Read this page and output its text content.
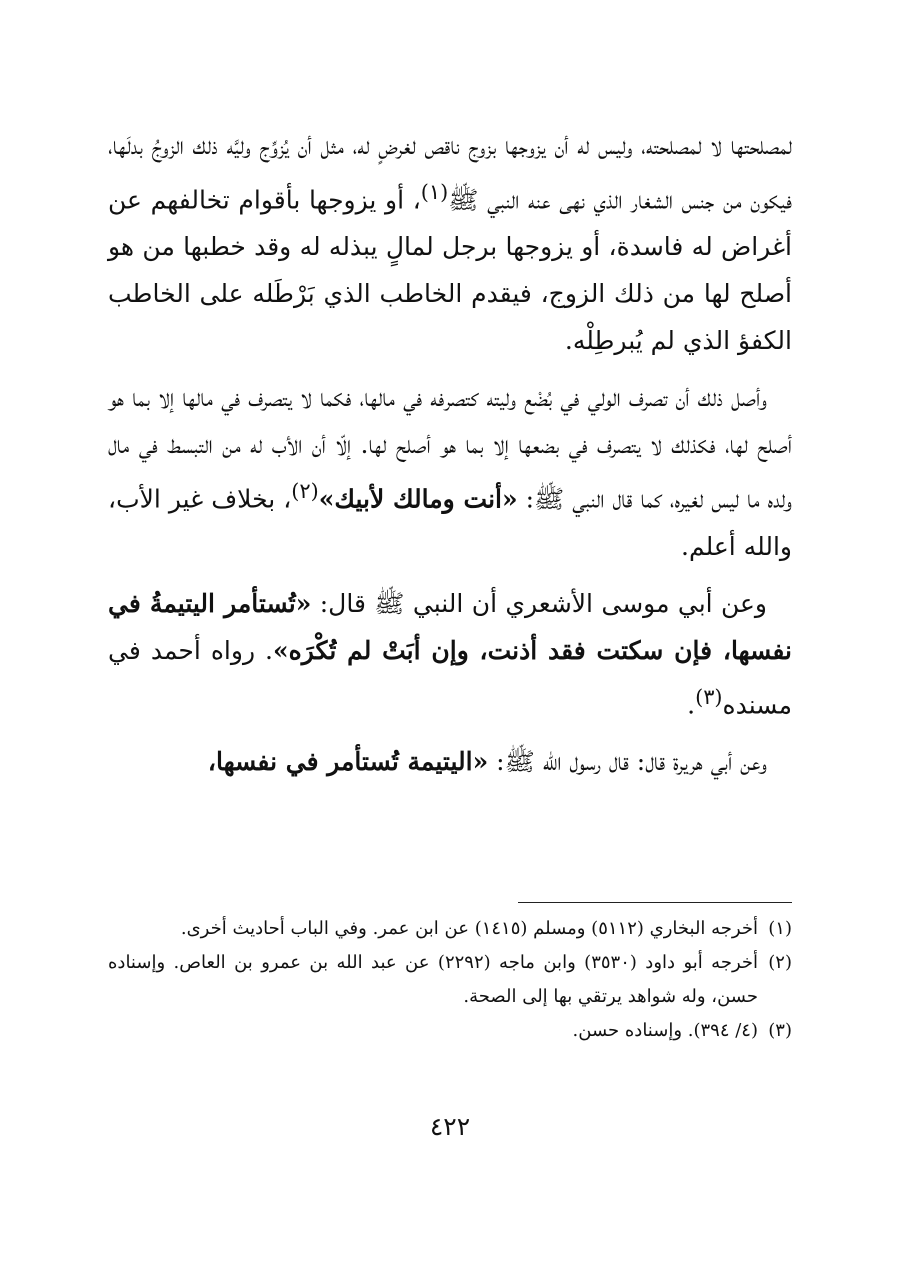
لمصلحتها لا لمصلحته، وليس له أن يزوجها بزوج ناقص لغرضٍ له، مثل أن يُزوِّج وليَّه ذلك الزوجُ بدلَها، فيكون من جنس الشغار الذي نهى عنه النبي ﷺ$^{(١)}$، أو يزوجها بأقوام تخالفهم عن أغراض له فاسدة، أو يزوجها برجل لمالٍ يبذله له وقد خطبها من هو أصلح لها من ذلك الزوج، فيقدم الخاطب الذي بَرْطَله على الخاطب الكفؤ الذي لم يُبرطِلْه.

وأصل ذلك أن تصرف الولي في بُضْع وليته كتصرفه في مالها، فكما لا يتصرف في مالها إلا بما هو أصلح لها، فكذلك لا يتصرف في بضعها إلا بما هو أصلح لها. إلّا أن الأب له من التبسط في مال ولده ما ليس لغيره، كما قال النبي ﷺ: «أنت ومالك لأبيك»$^{(٢)}$، بخلاف غير الأب، والله أعلم.

وعن أبي موسى الأشعري أن النبي ﷺ قال: «تُستأمر اليتيمةُ في نفسها، فإن سكتت فقد أذنت، وإن أبَتْ لم تُكْرَه». رواه أحمد في مسنده$^{(٣)}$.

وعن أبي هريرة قال: قال رسول الله ﷺ: «اليتيمة تُستأمر في نفسها،

(١)
أخرجه البخاري (٥١١٢) ومسلم (١٤١٥) عن ابن عمر. وفي الباب أحاديث أخرى.
(٢)
أخرجه أبو داود (٣٥٣٠) وابن ماجه (٢٢٩٢) عن عبد الله بن عمرو بن العاص. وإسناده حسن، وله شواهد يرتقي بها إلى الصحة.
(٣)
(٤/ ٣٩٤). وإسناده حسن.
٤٢٢
